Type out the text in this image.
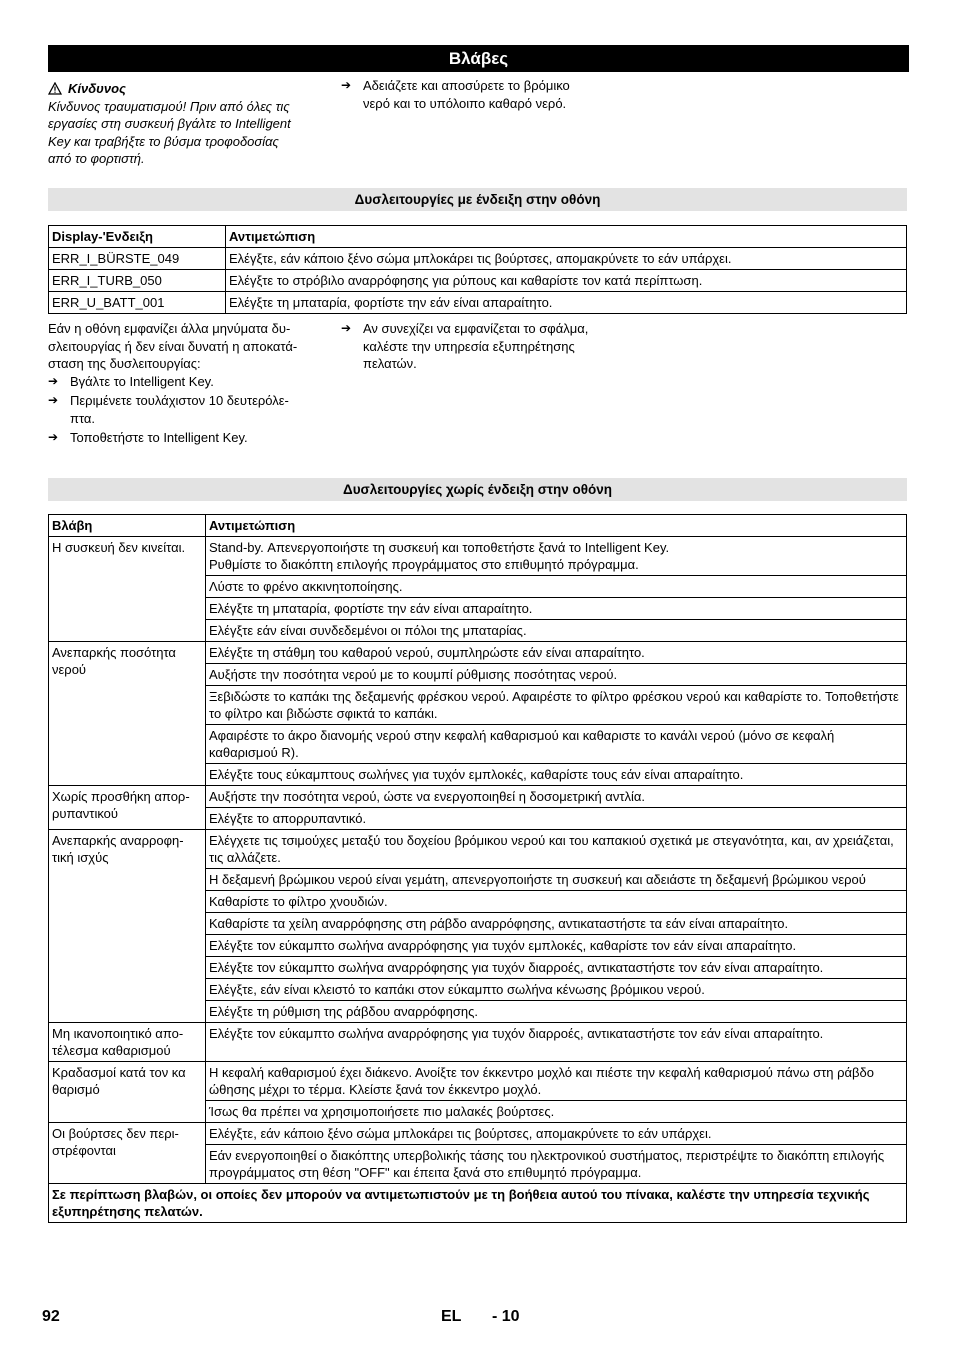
Βλάβες
Κίνδυνος
Κίνδυνος τραυματισμού! Πριν από όλες τις
εργασίες στη συσκευή βγάλτε το Intelligent
Key και τραβήξτε το βύσμα τροφοδοσίας
από το φορτιστή.
➔ Αδειάζετε και αποσύρετε το βρόμικο
νερό και το υπόλοιπο καθαρό νερό.
Δυσλειτουργίες με ένδειξη στην οθόνη
Display-'Ενδειξη	Αντιμετώπιση
ERR_I_BÜRSTE_049	Ελέγξτε, εάν κάποιο ξένο σώμα μπλοκάρει τις βούρτσες, απομακρύνετε το εάν υπάρχει.
ERR_I_TURB_050	Ελέγξτε το στρόβιλο αναρρόφησης για ρύπους και καθαρίστε τον κατά περίπτωση.
ERR_U_BATT_001	Ελέγξτε τη μπαταρία, φορτίστε την εάν είναι απαραίτητο.
Εάν η οθόνη εμφανίζει άλλα μηνύματα δυ-
σλειτουργίας ή δεν είναι δυνατή η αποκατά-
σταση της δυσλειτουργίας:
➔ Βγάλτε το Intelligent Key.
➔ Περιμένετε τουλάχιστον 10 δευτερόλε-
πτα.
➔ Τοποθετήστε το Intelligent Key.
➔ Αν συνεχίζει να εμφανίζεται το σφάλμα,
καλέστε την υπηρεσία εξυπηρέτησης
πελατών.
Δυσλειτουργίες χωρίς ένδειξη στην οθόνη
Βλάβη	Αντιμετώπιση
Η συσκευή δεν κινείται.	Stand-by. Απενεργοποιήστε τη συσκευή και τοποθετήστε ξανά το Intelligent Key.
Ρυθμίστε το διακόπτη επιλογής προγράμματος στο επιθυμητό πρόγραμμα.
	Λύστε το φρένο ακκινητοποίησης.
	Ελέγξτε τη μπαταρία, φορτίστε την εάν είναι απαραίτητο.
	Ελέγξτε εάν είναι συνδεδεμένοι οι πόλοι της μπαταρίας.
Ανεπαρκής ποσότητα νερού	Ελέγξτε τη στάθμη του καθαρού νερού, συμπληρώστε εάν είναι απαραίτητο.
	Αυξήστε την ποσότητα νερού με το κουμπί ρύθμισης ποσότητας νερού.
	Ξεβιδώστε το καπάκι της δεξαμενής φρέσκου νερού. Αφαιρέστε το φίλτρο φρέσκου νερού και καθαρίστε το. Τοποθετήστε το φίλτρο και βιδώστε σφικτά το καπάκι.
	Αφαιρέστε το άκρο διανομής νερού στην κεφαλή καθαρισμού και καθαριστε το κανάλι νερού (μόνο σε κεφαλή καθαρισμού R).
	Ελέγξτε τους εύκαμπτους σωλήνες για τυχόν εμπλοκές, καθαρίστε τους εάν είναι απαραίτητο.
Χωρίς προσθήκη απορ-ρυπαντικού	Αυξήστε την ποσότητα νερού, ώστε να ενεργοποιηθεί η δοσομετρική αντλία.
	Ελέγξτε το απορρυπαντικό.
Ανεπαρκής αναρροφη-τική ισχύς	Ελέγχετε τις τσιμούχες μεταξύ του δοχείου βρόμικου νερού και του καπακιού σχετικά με στεγανότητα, και, αν χρειάζεται, τις αλλάζετε.
	Η δεξαμενή βρώμικου νερού είναι γεμάτη, απενεργοποιήστε τη συσκευή και αδειάστε τη δεξαμενή βρώμικου νερού
	Καθαρίστε το φίλτρο χνουδιών.
	Καθαρίστε τα χείλη αναρρόφησης στη ράβδο αναρρόφησης, αντικαταστήστε τα εάν είναι απαραίτητο.
	Ελέγξτε τον εύκαμπτο σωλήνα αναρρόφησης για τυχόν εμπλοκές, καθαρίστε τον εάν είναι απαραίτητο.
	Ελέγξτε τον εύκαμπτο σωλήνα αναρρόφησης για τυχόν διαρροές, αντικαταστήστε τον εάν είναι απαραίτητο.
	Ελέγξτε, εάν είναι κλειστό το καπάκι στον εύκαμπτο σωλήνα κένωσης βρόμικου νερού.
	Ελέγξτε τη ρύθμιση της ράβδου αναρρόφησης.
Μη ικανοποιητικό απο-τέλεσμα καθαρισμού	Ελέγξτε τον εύκαμπτο σωλήνα αναρρόφησης για τυχόν διαρροές, αντικαταστήστε τον εάν είναι απαραίτητο.
Κραδασμοί κατά τον κα θαρισμό	Η κεφαλή καθαρισμού έχει διάκενο. Ανοίξτε τον έκκεντρο μοχλό και πιέστε την κεφαλή καθαρισμού πάνω στη ράβδο ώθησης μέχρι το τέρμα. Κλείστε ξανά τον έκκεντρο μοχλό.
	Ίσως θα πρέπει να χρησιμοποιήσετε πιο μαλακές βούρτσες.
Οι βούρτσες δεν περι-στρέφονται	Ελέγξτε, εάν κάποιο ξένο σώμα μπλοκάρει τις βούρτσες, απομακρύνετε το εάν υπάρχει.
	Εάν ενεργοποιηθεί ο διακόπτης υπερβολικής τάσης του ηλεκτρονικού συστήματος, περιστρέψτε το διακόπτη επιλογής προγράμματος στη θέση "OFF" και έπειτα ξανά στο επιθυμητό πρόγραμμα.
Σε περίπτωση βλαβών, οι οποίες δεν μπορούν να αντιμετωπιστούν με τη βοήθεια αυτού του πίνακα, καλέστε την υπηρεσία τεχνικής εξυπηρέτησης πελατών.	
92	EL - 10
